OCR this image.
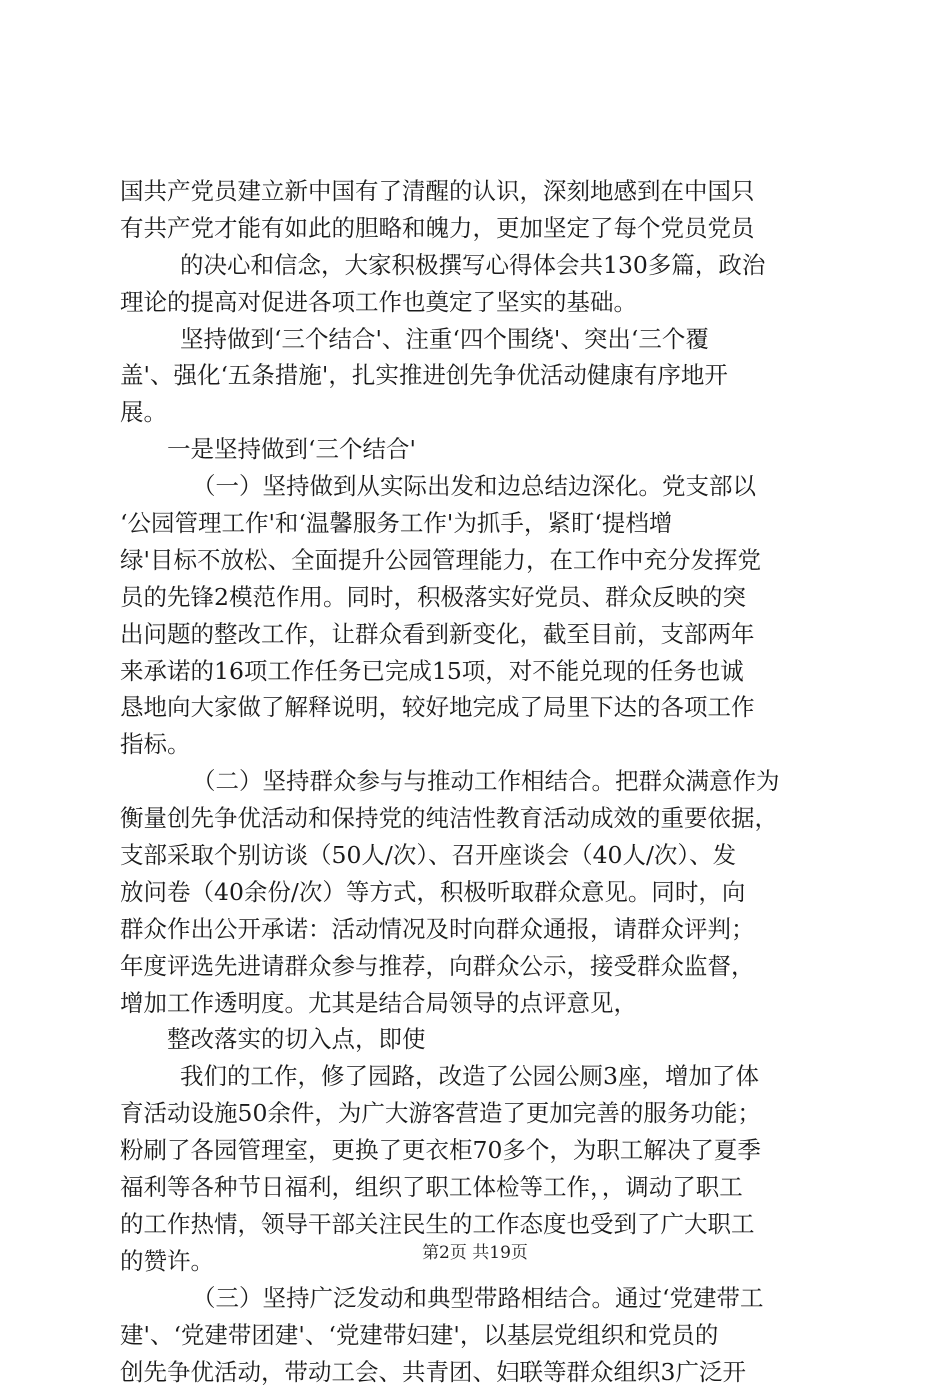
国共产党员建立新中国有了清醒的认识，深刻地感到在中国只
有共产党才能有如此的胆略和魄力，更加坚定了每个党员党员
的决心和信念，大家积极撰写心得体会共130多篇，政治
理论的提高对促进各项工作也奠定了坚实的基础。
坚持做到‘三个结合'、注重‘四个围绕'、突出‘三个覆
盖'、强化‘五条措施'，扎实推进创先争优活动健康有序地开
展。
一是坚持做到‘三个结合'
（一）坚持做到从实际出发和边总结边深化。党支部以
‘公园管理工作'和‘温馨服务工作'为抓手，紧盯‘提档增
绿'目标不放松、全面提升公园管理能力，在工作中充分发挥党
员的先锋2模范作用。同时，积极落实好党员、群众反映的突
出问题的整改工作，让群众看到新变化，截至目前，支部两年
来承诺的16项工作任务已完成15项，对不能兑现的任务也诚
恳地向大家做了解释说明，较好地完成了局里下达的各项工作
指标。
（二）坚持群众参与与推动工作相结合。把群众满意作为
衡量创先争优活动和保持党的纯洁性教育活动成效的重要依据，
支部采取个别访谈（50人/次）、召开座谈会（40人/次）、发
放问卷（40余份/次）等方式，积极听取群众意见。同时，向
群众作出公开承诺：活动情况及时向群众通报，请群众评判；
年度评选先进请群众参与推荐，向群众公示，接受群众监督，
增加工作透明度。尤其是结合局领导的点评意见，
整改落实的切入点，即使
我们的工作，修了园路，改造了公园公厕3座，增加了体
育活动设施50余件，为广大游客营造了更加完善的服务功能；
粉刷了各园管理室，更换了更衣柜70多个，为职工解决了夏季
福利等各种节日福利，组织了职工体检等工作，，调动了职工
的工作热情，领导干部关注民生的工作态度也受到了广大职工
的赞许。
（三）坚持广泛发动和典型带路相结合。通过‘党建带工
建'、‘党建带团建'、‘党建带妇建'，以基层党组织和党员的
创先争优活动，带动工会、共青团、妇联等群众组织3广泛开
第2页 共19页
